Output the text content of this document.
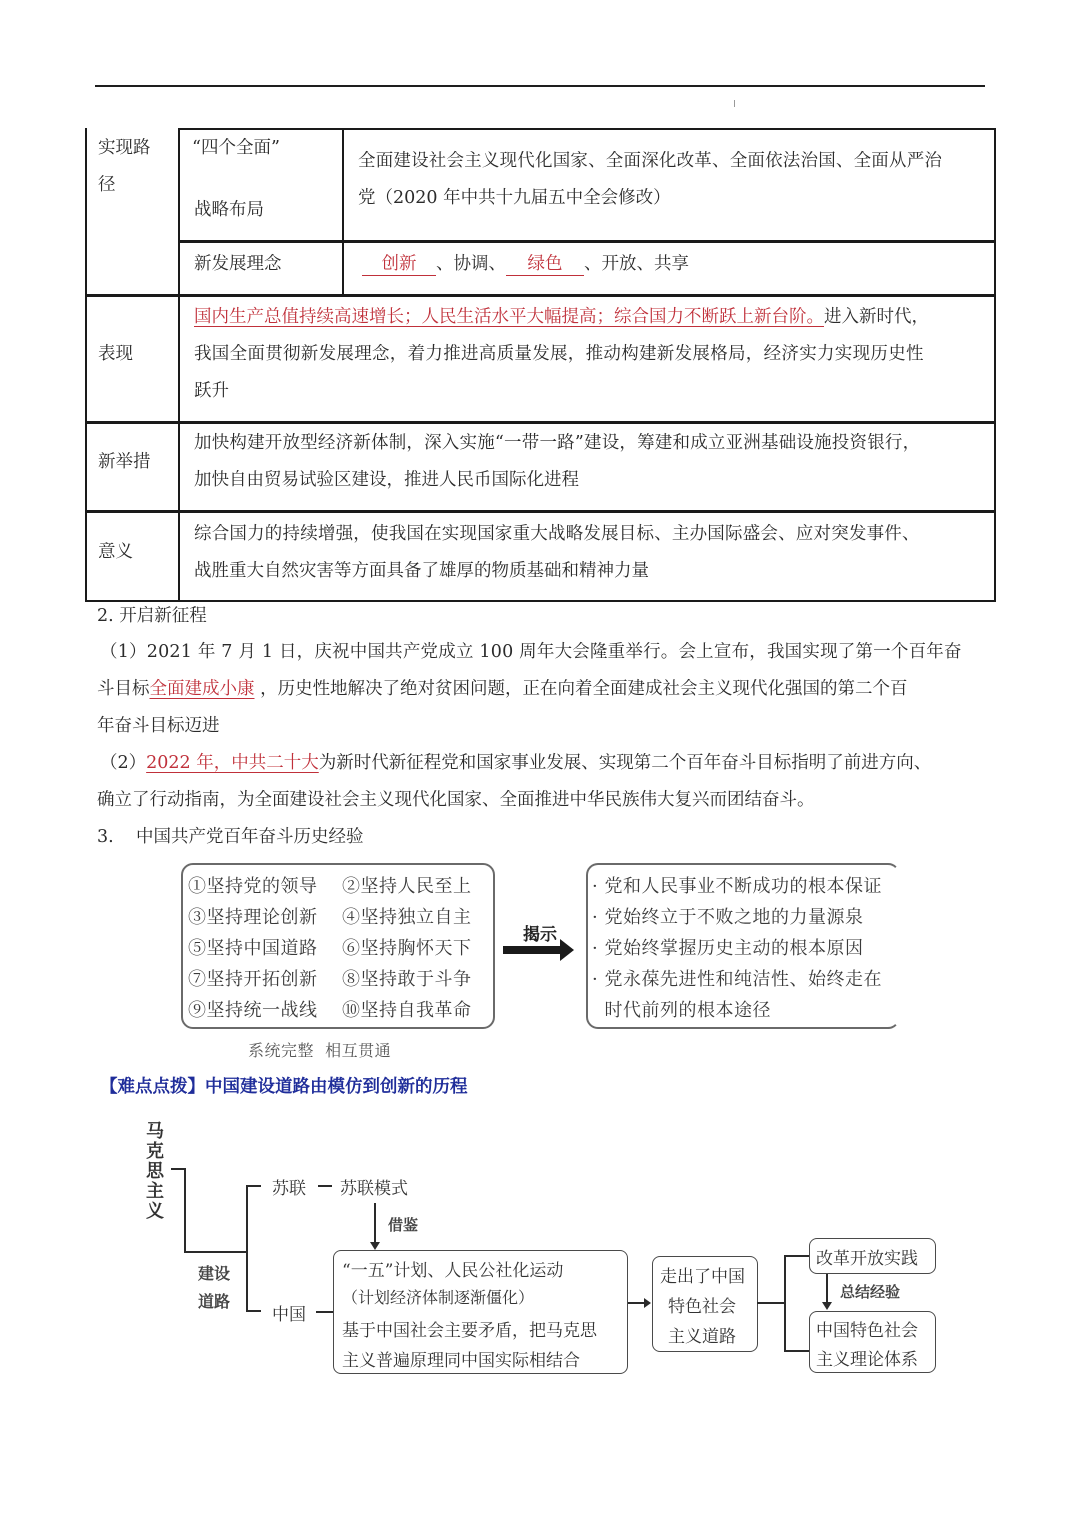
实现路
径
“四个全面”
战略布局
全面建设社会主义现代化国家、全面深化改革、全面依法治国、全面从严治
党（2020 年中共十九届五中全会修改）
新发展理念	创新 、协调、 绿色 、开放、共享
表现
国内生产总值持续高速增长；人民生活水平大幅提高；综合国力不断跃上新台阶。进入新时代，
我国全面贯彻新发展理念，着力推进高质量发展，推动构建新发展格局，经济实力实现历史性
跃升
新举措
加快构建开放型经济新体制，深入实施“一带一路”建设，筹建和成立亚洲基础设施投资银行，
加快自由贸易试验区建设，推进人民币国际化进程
意义
综合国力的持续增强，使我国在实现国家重大战略发展目标、主办国际盛会、应对突发事件、
战胜重大自然灾害等方面具备了雄厚的物质基础和精神力量
2. 开启新征程
（1）2021 年 7 月 1 日，庆祝中国共产党成立 100 周年大会隆重举行。会上宣布，我国实现了第一个百年奋
斗目标全面建成小康 ，历史性地解决了绝对贫困问题，正在向着全面建成社会主义现代化强国的第二个百
年奋斗目标迈进
（2）2022 年，中共二十大为新时代新征程党和国家事业发展、实现第二个百年奋斗目标指明了前进方向、
确立了行动指南，为全面建设社会主义现代化国家、全面推进中华民族伟大复兴而团结奋斗。
3.    中国共产党百年奋斗历史经验
①坚持党的领导 ②坚持人民至上
③坚持理论创新 ④坚持独立自主
⑤坚持中国道路 ⑥坚持胸怀天下
⑦坚持开拓创新 ⑧坚持敢于斗争
⑨坚持统一战线 ⑩坚持自我革命
系统完整  相互贯通
揭示
· 党和人民事业不断成功的根本保证
· 党始终立于不败之地的力量源泉
· 党始终掌握历史主动的根本原因
· 党永葆先进性和纯洁性、始终走在
时代前列的根本途径
【难点点拨】中国建设道路由模仿到创新的历程
马
克
思
主
义
建设
道路
苏联 苏联模式
借鉴
中国
“一五”计划、人民公社化运动
（计划经济体制逐渐僵化）
基于中国社会主要矛盾，把马克思
主义普遍原理同中国实际相结合
走出了中国
特色社会
主义道路
改革开放实践
总结经验
中国特色社会
主义理论体系
